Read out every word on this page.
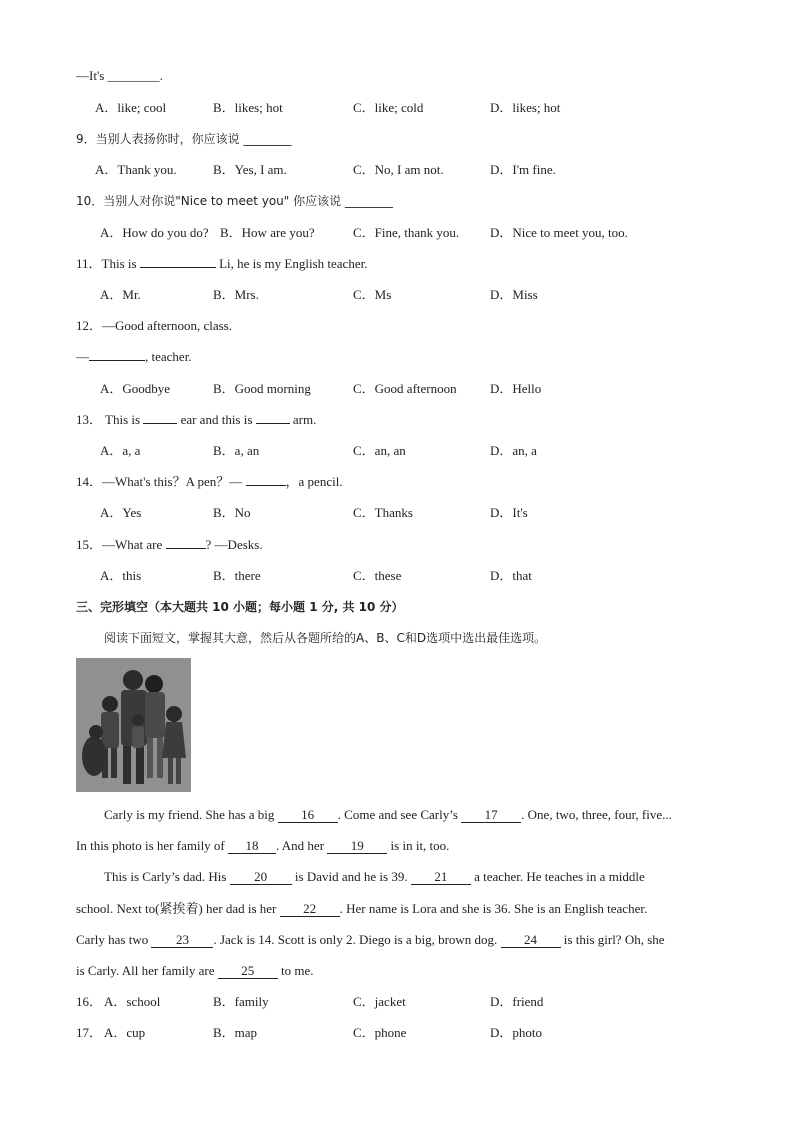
—It's ________.
A．like; cool	B．likes; hot	C．like; cold	D．likes; hot
9．当别人表扬你时，你应该说 ________
A．Thank you.	B．Yes, I am.	C．No, I am not.	D．I'm fine.
10．当别人对你说"Nice to meet you" 你应该说 ________
A．How do you do? B．How are you?	C．Fine, thank you. D．Nice to meet you, too.
11．This is	Li, he is my English teacher.
A．Mr.	B．Mrs.	C．Ms	D．Miss
12．—Good afternoon, class.
—	, teacher.
A．Goodbye	B．Good morning	C．Good afternoon	D．Hello
13． This is	ear and this is	arm.
A．a, a	B．a, an	C．an, an	D．an, a
14．—What's this？A pen？—	，a pencil.
A．Yes	B．No	C．Thanks	D．It's
15．—What are	? —Desks.
A．this	B．there	C．these	D．that
三、完形填空（本大题共 10 小题；每小题 1 分, 共 10 分）
阅读下面短文，掌握其大意，然后从各题所给的A、B、C和D选项中选出最佳选项。
Carly is my friend. She has a big 16 . Come and see Carly’s 17 . One, two, three, four, five...
In this photo is her family of 18 . And her 19 is in it, too.
This is Carly’s dad. His 20 is David and he is 39. 21 a teacher. He teaches in a middle
school. Next to(紧挨着) her dad is her 22 . Her name is Lora and she is 36. She is an English teacher.
Carly has two 23 . Jack is 14. Scott is only 2. Diego is a big, brown dog. 24 is this girl? Oh, she
is Carly. All her family are 25 to me.
16． A．school	B．family	C．jacket	D．friend
17． A．cup	B．map	C．phone	D．photo
